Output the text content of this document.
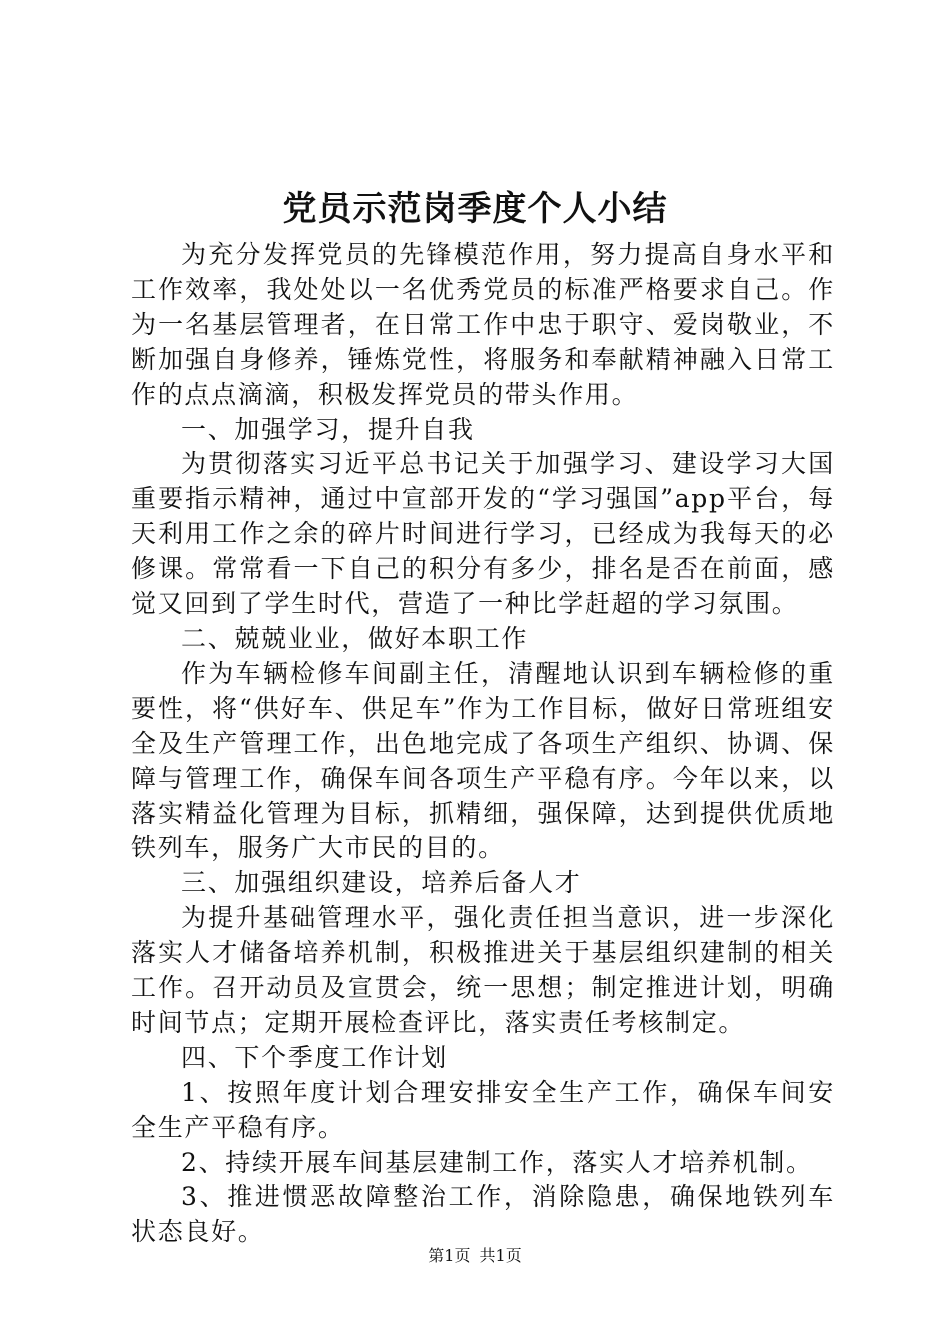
党员示范岗季度个人小结

为充分发挥党员的先锋模范作用，努力提高自身水平和工作效率，我处处以一名优秀党员的标准严格要求自己。作为一名基层管理者，在日常工作中忠于职守、爱岗敬业，不断加强自身修养，锤炼党性，将服务和奉献精神融入日常工作的点点滴滴，积极发挥党员的带头作用。

一、加强学习，提升自我

为贯彻落实习近平总书记关于加强学习、建设学习大国重要指示精神，通过中宣部开发的“学习强国”app平台，每天利用工作之余的碎片时间进行学习，已经成为我每天的必修课。常常看一下自己的积分有多少，排名是否在前面，感觉又回到了学生时代，营造了一种比学赶超的学习氛围。

二、兢兢业业，做好本职工作

作为车辆检修车间副主任，清醒地认识到车辆检修的重要性，将“供好车、供足车”作为工作目标，做好日常班组安全及生产管理工作，出色地完成了各项生产组织、协调、保障与管理工作，确保车间各项生产平稳有序。今年以来，以落实精益化管理为目标，抓精细，强保障，达到提供优质地铁列车，服务广大市民的目的。

三、加强组织建设，培养后备人才

为提升基础管理水平，强化责任担当意识，进一步深化落实人才储备培养机制，积极推进关于基层组织建制的相关工作。召开动员及宣贯会，统一思想；制定推进计划，明确时间节点；定期开展检查评比，落实责任考核制定。

四、下个季度工作计划

1、按照年度计划合理安排安全生产工作，确保车间安全生产平稳有序。

2、持续开展车间基层建制工作，落实人才培养机制。

3、推进惯恶故障整治工作，消除隐患，确保地铁列车状态良好。

第1页 共1页
